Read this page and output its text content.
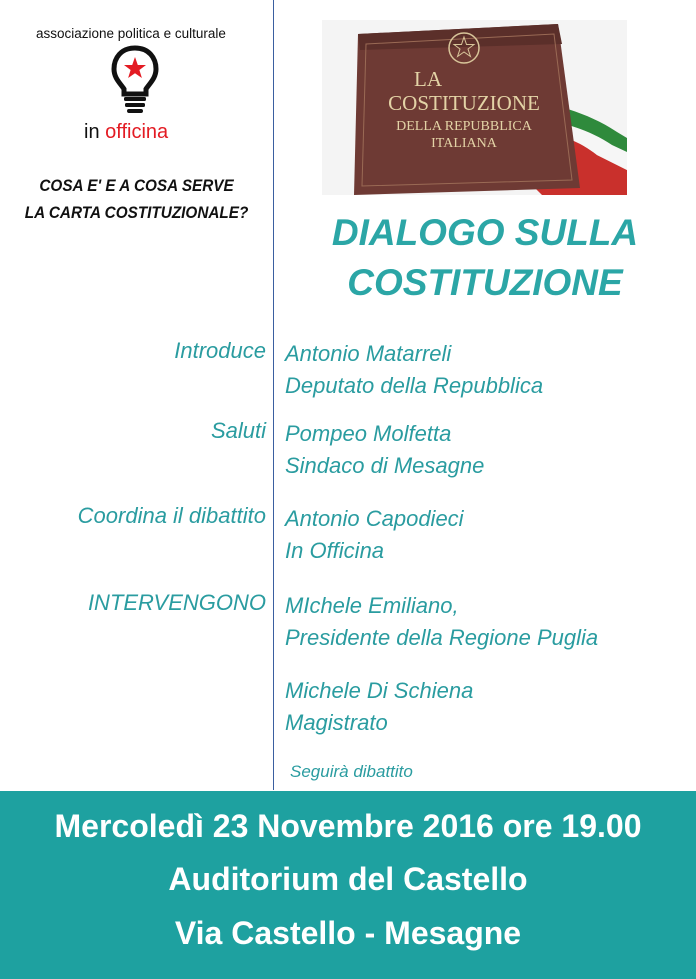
associazione politica e culturale
in officina
COSA E' E A COSA SERVE
LA CARTA COSTITUZIONALE?
LA
COSTITUZIONE
DELLA REPUBBLICA
ITALIANA
DIALOGO SULLA
COSTITUZIONE
Introduce Antonio Matarreli
Deputato della Repubblica
Saluti Pompeo Molfetta
Sindaco di Mesagne
Coordina il dibattito Antonio Capodieci
In Officina
INTERVENGONO MIchele Emiliano,
Presidente della Regione Puglia
Michele Di Schiena
Magistrato
Seguirà dibattito
Mercoledì 23 Novembre 2016 ore 19.00
Auditorium del Castello
Via Castello - Mesagne
